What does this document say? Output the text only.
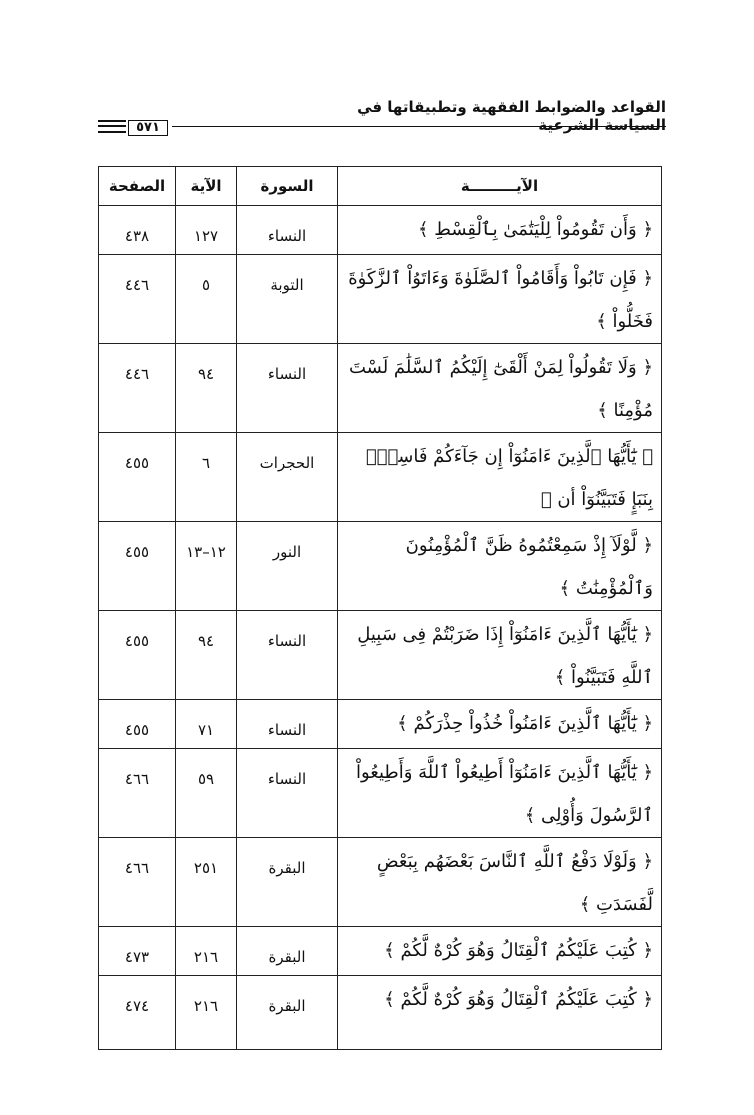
القواعد والضوابط الفقهية وتطبيقاتها في السياسة الشرعية
٥٧١
الآيـــــــــة	السورة	الآية	الصفحة
﴿ وَأَن تَقُومُواْ لِلْيَتَٰمَىٰ بِٱلْقِسْطِ ﴾	النساء	١٢٧	٤٣٨
﴿ فَإِن تَابُواْ وَأَقَامُواْ ٱلصَّلَوٰةَ وَءَاتَوُاْ ٱلزَّكَوٰةَ فَخَلُّواْ ﴾	التوبة	٥	٤٤٦
﴿ وَلَا تَقُولُواْ لِمَنْ أَلْقَىٰٓ إِلَيْكُمُ ٱلسَّلَٰمَ لَسْتَ مُؤْمِنًا ﴾	النساء	٩٤	٤٤٦
﴿ يَٰٓأَيُّهَا ٱلَّذِينَ ءَامَنُوٓاْ إِن جَآءَكُمْ فَاسِقٌۢ بِنَبَإٍ فَتَبَيَّنُوٓاْ أن ﴾	الحجرات	٦	٤٥٥
﴿ لَّوْلَآ إِذْ سَمِعْتُمُوهُ ظَنَّ ٱلْمُؤْمِنُونَ وَٱلْمُؤْمِنَٰتُ ﴾	النور	١٢–١٣	٤٥٥
﴿ يَٰٓأَيُّهَا ٱلَّذِينَ ءَامَنُوٓاْ إِذَا ضَرَبْتُمْ فِى سَبِيلِ ٱللَّهِ فَتَبَيَّنُواْ ﴾	النساء	٩٤	٤٥٥
﴿ يَٰٓأَيُّهَا ٱلَّذِينَ ءَامَنُواْ خُذُواْ حِذْرَكُمْ ﴾	النساء	٧١	٤٥٥
﴿ يَٰٓأَيُّهَا ٱلَّذِينَ ءَامَنُوٓاْ أَطِيعُواْ ٱللَّهَ وَأَطِيعُواْ ٱلرَّسُولَ وَأُوْلِى ﴾	النساء	٥٩	٤٦٦
﴿ وَلَوْلَا دَفْعُ ٱللَّهِ ٱلنَّاسَ بَعْضَهُم بِبَعْضٍ لَّفَسَدَتِ ﴾	البقرة	٢٥١	٤٦٦
﴿ كُتِبَ عَلَيْكُمُ ٱلْقِتَالُ وَهُوَ كُرْهٌ لَّكُمْ ﴾	البقرة	٢١٦	٤٧٣
﴿ كُتِبَ عَلَيْكُمُ ٱلْقِتَالُ وَهُوَ كُرْهٌ لَّكُمْ ﴾	البقرة	٢١٦	٤٧٤
